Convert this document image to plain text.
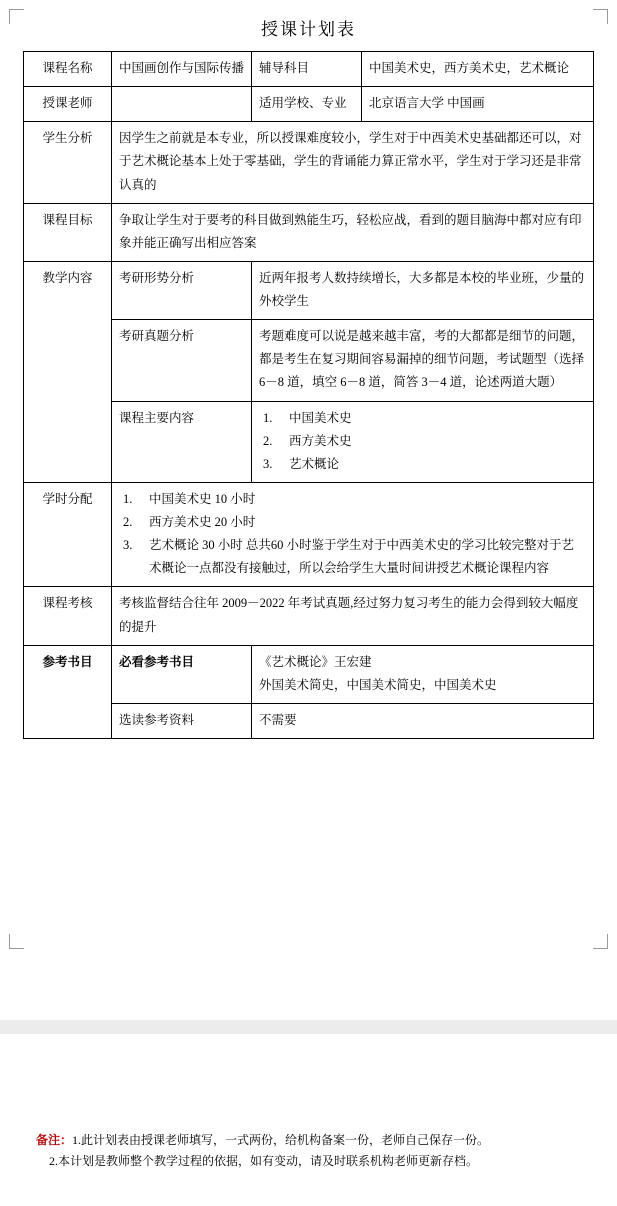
授课计划表
课程名称	中国画创作与国际传播	辅导科目	中国美术史，西方美术史，艺术概论
授课老师		适用学校、专业	北京语言大学 中国画
学生分析	因学生之前就是本专业，所以授课难度较小，学生对于中西美术史基础都还可以，对于艺术概论基本上处于零基础，学生的背诵能力算正常水平，学生对于学习还是非常认真的		
课程目标	争取让学生对于要考的科目做到熟能生巧，轻松应战，看到的题目脑海中都对应有印象并能正确写出相应答案		
教学内容	考研形势分析	近两年报考人数持续增长，大多都是本校的毕业班，少量的外校学生	
	考研真题分析	考题难度可以说是越来越丰富，考的大都都是细节的问题，都是考生在复习期间容易漏掉的细节问题，考试题型（选择 6－8 道，填空 6－8 道，简答 3－4 道，论述两道大题）	
课程主要内容	1. 中国美术史
2. 西方美术史
3. 艺术概论

学时分配	1. 中国美术史 10 小时
2. 西方美术史 20 小时
3. 艺术概论 30 小时 总共60 小时鉴于学生对于中西美术史的学习比较完整对于艺术概论一点都没有接触过，所以会给学生大量时间讲授艺术概论课程内容

课程考核	考核监督结合往年 2009－2022 年考试真题,经过努力复习考生的能力会得到较大幅度的提升		
参考书目	必看参考书目	《艺术概论》王宏建
外国美术简史，中国美术简史，中国美术史	

	选读参考资料	不需要	
备注：1.此计划表由授课老师填写，一式两份，给机构备案一份，老师自己保存一份。
2.本计划是教师整个教学过程的依据，如有变动，请及时联系机构老师更新存档。
